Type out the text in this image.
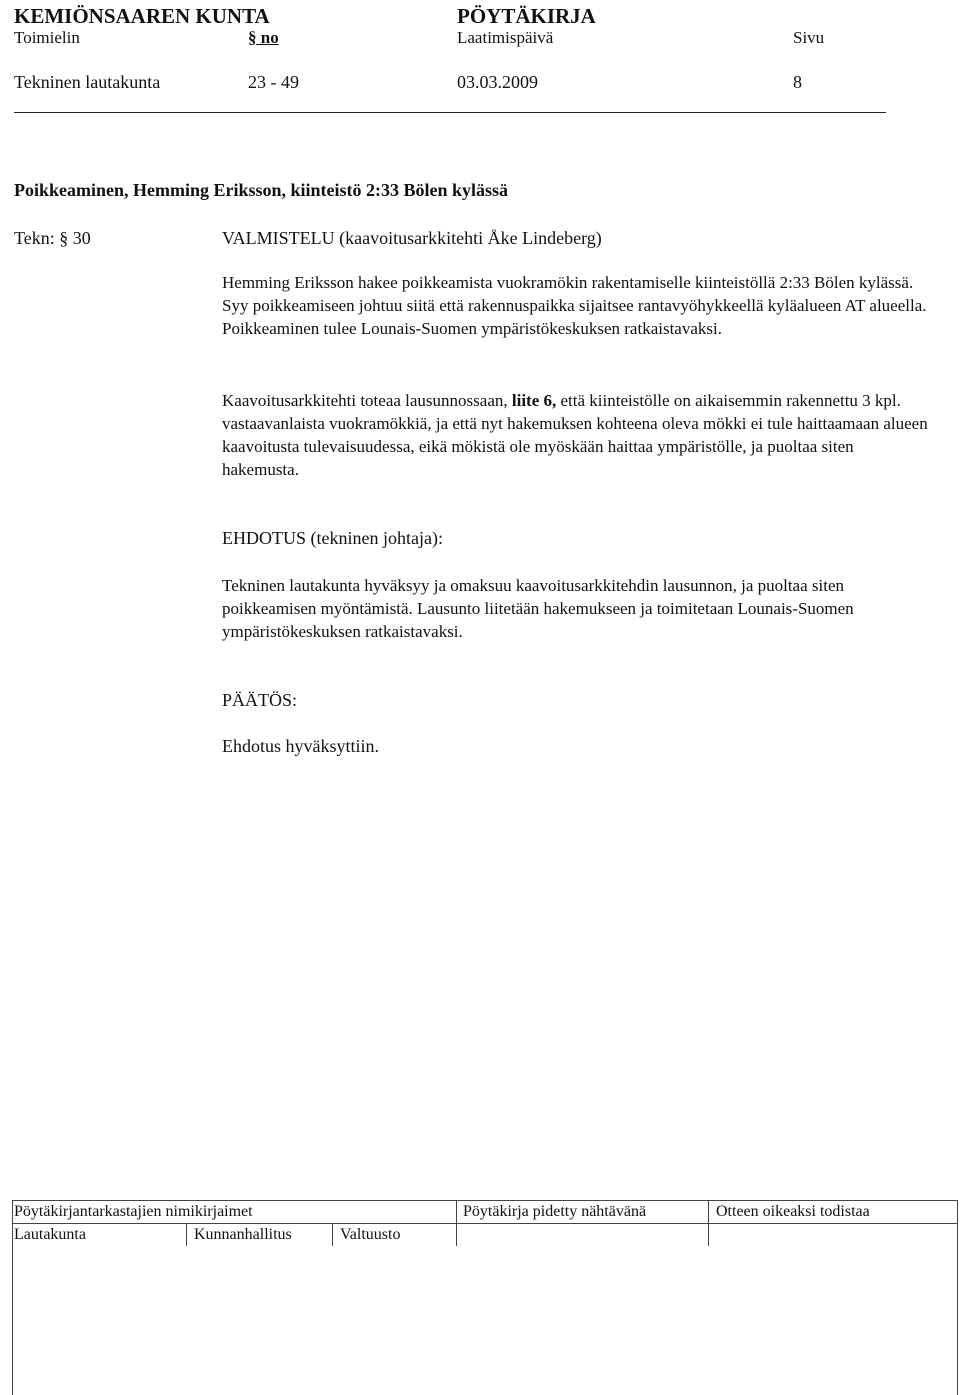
KEMIÖNSAAREN KUNTA	PÖYTÄKIRJA
Toimielin	§ no	Laatimispäivä	Sivu
Tekninen lautakunta	23 - 49	03.03.2009	8
Poikkeaminen, Hemming Eriksson, kiinteistö 2:33 Bölen kylässä
Tekn: § 30	VALMISTELU (kaavoitusarkkitehti Åke Lindeberg)

Hemming Eriksson hakee poikkeamista vuokramökin rakentamiselle kiinteistöllä 2:33 Bölen kylässä. Syy poikkeamiseen johtuu siitä että rakennuspaikka sijaitsee rantavyöhykkeellä kyläalueen AT alueella. Poikkeaminen tulee Lounais-Suomen ympäristökeskuksen ratkaistavaksi.

Kaavoitusarkkitehti toteaa lausunnossaan, liite 6, että kiinteistölle on aikaisemmin rakennettu 3 kpl. vastaavanlaista vuokramökkiä, ja että nyt hakemuksen kohteena oleva mökki ei tule haittaamaan alueen kaavoitusta tulevaisuudessa, eikä mökistä ole myöskään haittaa ympäristölle, ja puoltaa siten hakemusta.

EHDOTUS (tekninen johtaja):

Tekninen lautakunta hyväksyy ja omaksuu kaavoitusarkkitehdin lausunnon, ja puoltaa siten poikkeamisen myöntämistä. Lausunto liitetään hakemukseen ja toimitetaan Lounais-Suomen ympäristökeskuksen ratkaistavaksi.

PÄÄTÖS:
Ehdotus hyväksyttiin.
Pöytäkirjantarkastajien nimikirjaimet	Pöytäkirja pidetty nähtävänä	Otteen oikeaksi todistaa
Lautakunta	Kunnanhallitus	Valtuusto
